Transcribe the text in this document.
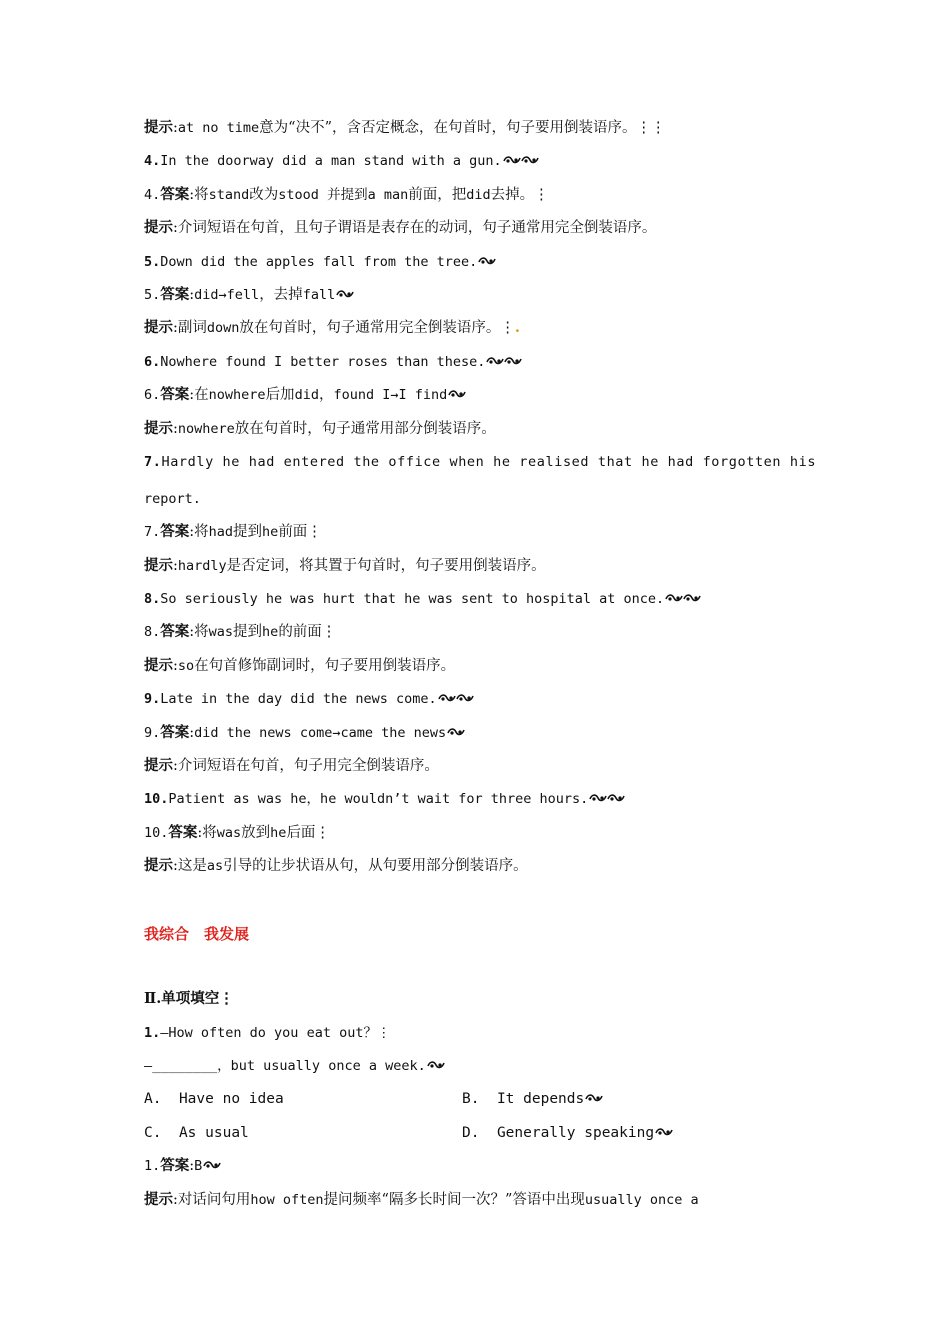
提示:at no time意为“决不”，含否定概念，在句首时，句子要用倒装语序。⋮⋮

4.In the doorway did a man stand with a gun.

4.答案:将stand改为stood 并提到a man前面，把did去掉。⋮

提示:介词短语在句首，且句子谓语是表存在的动词，句子通常用完全倒装语序。

5.Down did the apples fall from the tree.

5.答案:did→fell，去掉fall

提示:副词down放在句首时，句子通常用完全倒装语序。⋮.

6.Nowhere found I better roses than these.

6.答案:在nowhere后加did，found I→I find

提示:nowhere放在句首时，句子通常用部分倒装语序。

7.Hardly he had entered the office when he realised that he had forgotten his

report.

7.答案:将had提到he前面⋮

提示:hardly是否定词，将其置于句首时，句子要用倒装语序。

8.So seriously he was hurt that he was sent to hospital at once.

8.答案:将was提到he的前面⋮

提示:so在句首修饰副词时，句子要用倒装语序。

9.Late in the day did the news come.

9.答案:did the news come→came the news

提示:介词短语在句首，句子用完全倒装语序。

10.Patient as was he，he wouldn’t wait for three hours.

10.答案:将was放到he后面⋮

提示:这是as引导的让步状语从句，从句要用部分倒装语序。

我综合　我发展

Ⅱ.单项填空⋮

1.—How often do you eat out？⋮

—________，but usually once a week.

A. Have no idea	B. It depends
C. As usual	D. Generally speaking

1.答案:B

提示:对话问句用how often提问频率“隔多长时间一次？”答语中出现usually once a
